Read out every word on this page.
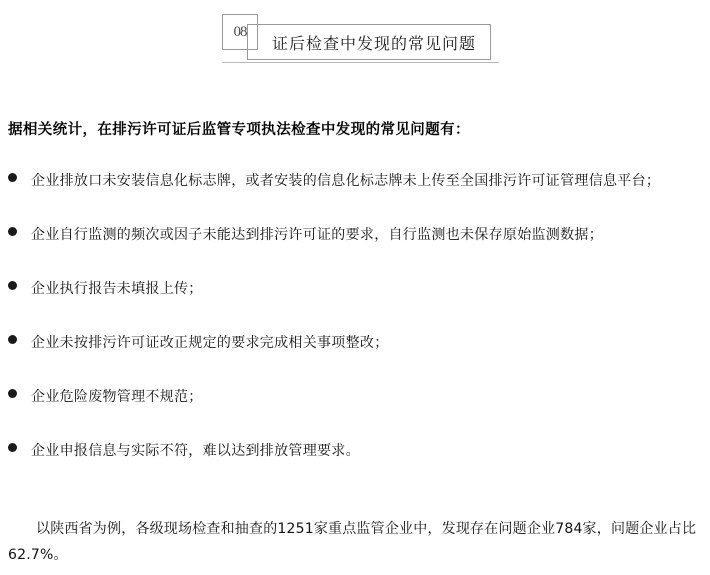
08
证后检查中发现的常见问题
据相关统计，在排污许可证后监管专项执法检查中发现的常见问题有：
企业排放口未安装信息化标志牌，或者安装的信息化标志牌未上传至全国排污许可证管理信息平台；
企业自行监测的频次或因子未能达到排污许可证的要求，自行监测也未保存原始监测数据；
企业执行报告未填报上传；
企业未按排污许可证改正规定的要求完成相关事项整改；
企业危险废物管理不规范；
企业申报信息与实际不符，难以达到排放管理要求。
以陕西省为例，各级现场检查和抽查的1251家重点监管企业中，发现存在问题企业784家，问题企业占比62.7%。
